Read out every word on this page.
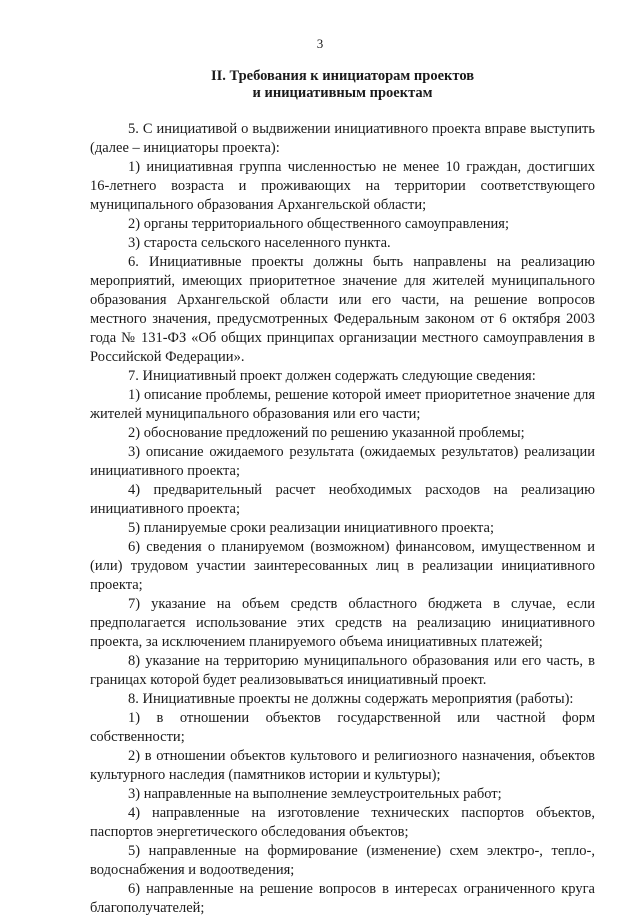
3
II. Требования к инициаторам проектов
и инициативным проектам

5. С инициативой о выдвижении инициативного проекта вправе выступить (далее – инициаторы проекта):

1) инициативная группа численностью не менее 10 граждан, достигших 16-летнего возраста и проживающих на территории соответствующего муниципального образования Архангельской области;

2) органы территориального общественного самоуправления;

3) староста сельского населенного пункта.

6. Инициативные проекты должны быть направлены на реализацию мероприятий, имеющих приоритетное значение для жителей муниципального образования Архангельской области или его части, на решение вопросов местного значения, предусмотренных Федеральным законом от 6 октября 2003 года № 131-ФЗ «Об общих принципах организации местного самоуправления в Российской Федерации».

7. Инициативный проект должен содержать следующие сведения:

1) описание проблемы, решение которой имеет приоритетное значение для жителей муниципального образования или его части;

2) обоснование предложений по решению указанной проблемы;

3) описание ожидаемого результата (ожидаемых результатов) реализации инициативного проекта;

4) предварительный расчет необходимых расходов на реализацию инициативного проекта;

5) планируемые сроки реализации инициативного проекта;

6) сведения о планируемом (возможном) финансовом, имущественном и (или) трудовом участии заинтересованных лиц в реализации инициативного проекта;

7) указание на объем средств областного бюджета в случае, если предполагается использование этих средств на реализацию инициативного проекта, за исключением планируемого объема инициативных платежей;

8) указание на территорию муниципального образования или его часть, в границах которой будет реализовываться инициативный проект.

8. Инициативные проекты не должны содержать мероприятия (работы):

1) в отношении объектов государственной или частной форм собственности;

2) в отношении объектов культового и религиозного назначения, объектов культурного наследия (памятников истории и культуры);

3) направленные на выполнение землеустроительных работ;

4) направленные на изготовление технических паспортов объектов, паспортов энергетического обследования объектов;

5) направленные на формирование (изменение) схем электро-, тепло-, водоснабжения и водоотведения;

6) направленные на решение вопросов в интересах ограниченного круга благополучателей;
